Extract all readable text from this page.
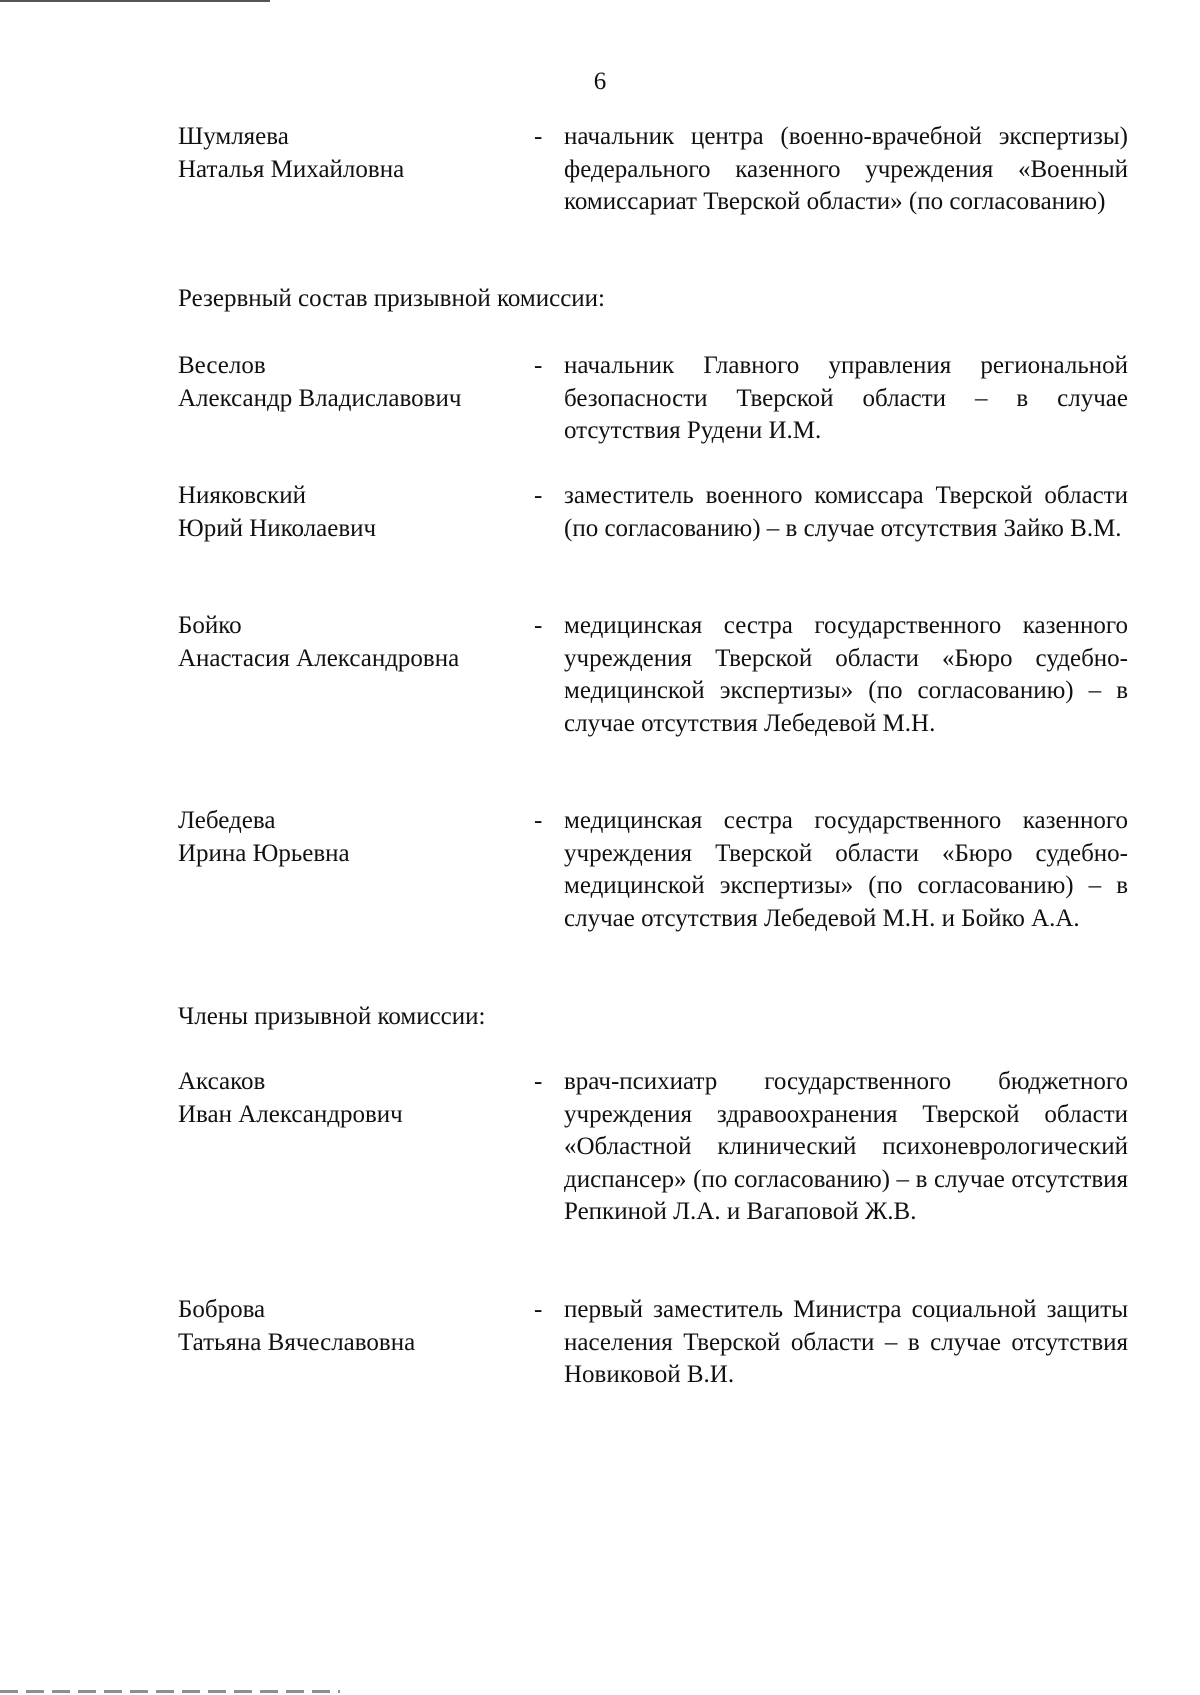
6
Шумляева
Наталья Михайловна
- начальник центра (военно-врачебной экспертизы) федерального казенного учреждения «Военный комиссариат Тверской области» (по согласованию)
Резервный состав призывной комиссии:
Веселов
Александр Владиславович
- начальник Главного управления региональной безопасности Тверской области – в случае отсутствия Рудени И.М.
Нияковский
Юрий Николаевич
- заместитель военного комиссара Тверской области (по согласованию) – в случае отсутствия Зайко В.М.
Бойко
Анастасия Александровна
- медицинская сестра государственного казенного учреждения Тверской области «Бюро судебно-медицинской экспертизы» (по согласованию) – в случае отсутствия Лебедевой М.Н.
Лебедева
Ирина Юрьевна
- медицинская сестра государственного казенного учреждения Тверской области «Бюро судебно-медицинской экспертизы» (по согласованию) – в случае отсутствия Лебедевой М.Н. и Бойко А.А.
Члены призывной комиссии:
Аксаков
Иван Александрович
- врач-психиатр государственного бюджетного учреждения здравоохранения Тверской области «Областной клинический психоневрологический диспансер» (по согласованию) – в случае отсутствия Репкиной Л.А. и Вагаповой Ж.В.
Боброва
Татьяна Вячеславовна
- первый заместитель Министра социальной защиты населения Тверской области – в случае отсутствия Новиковой В.И.
